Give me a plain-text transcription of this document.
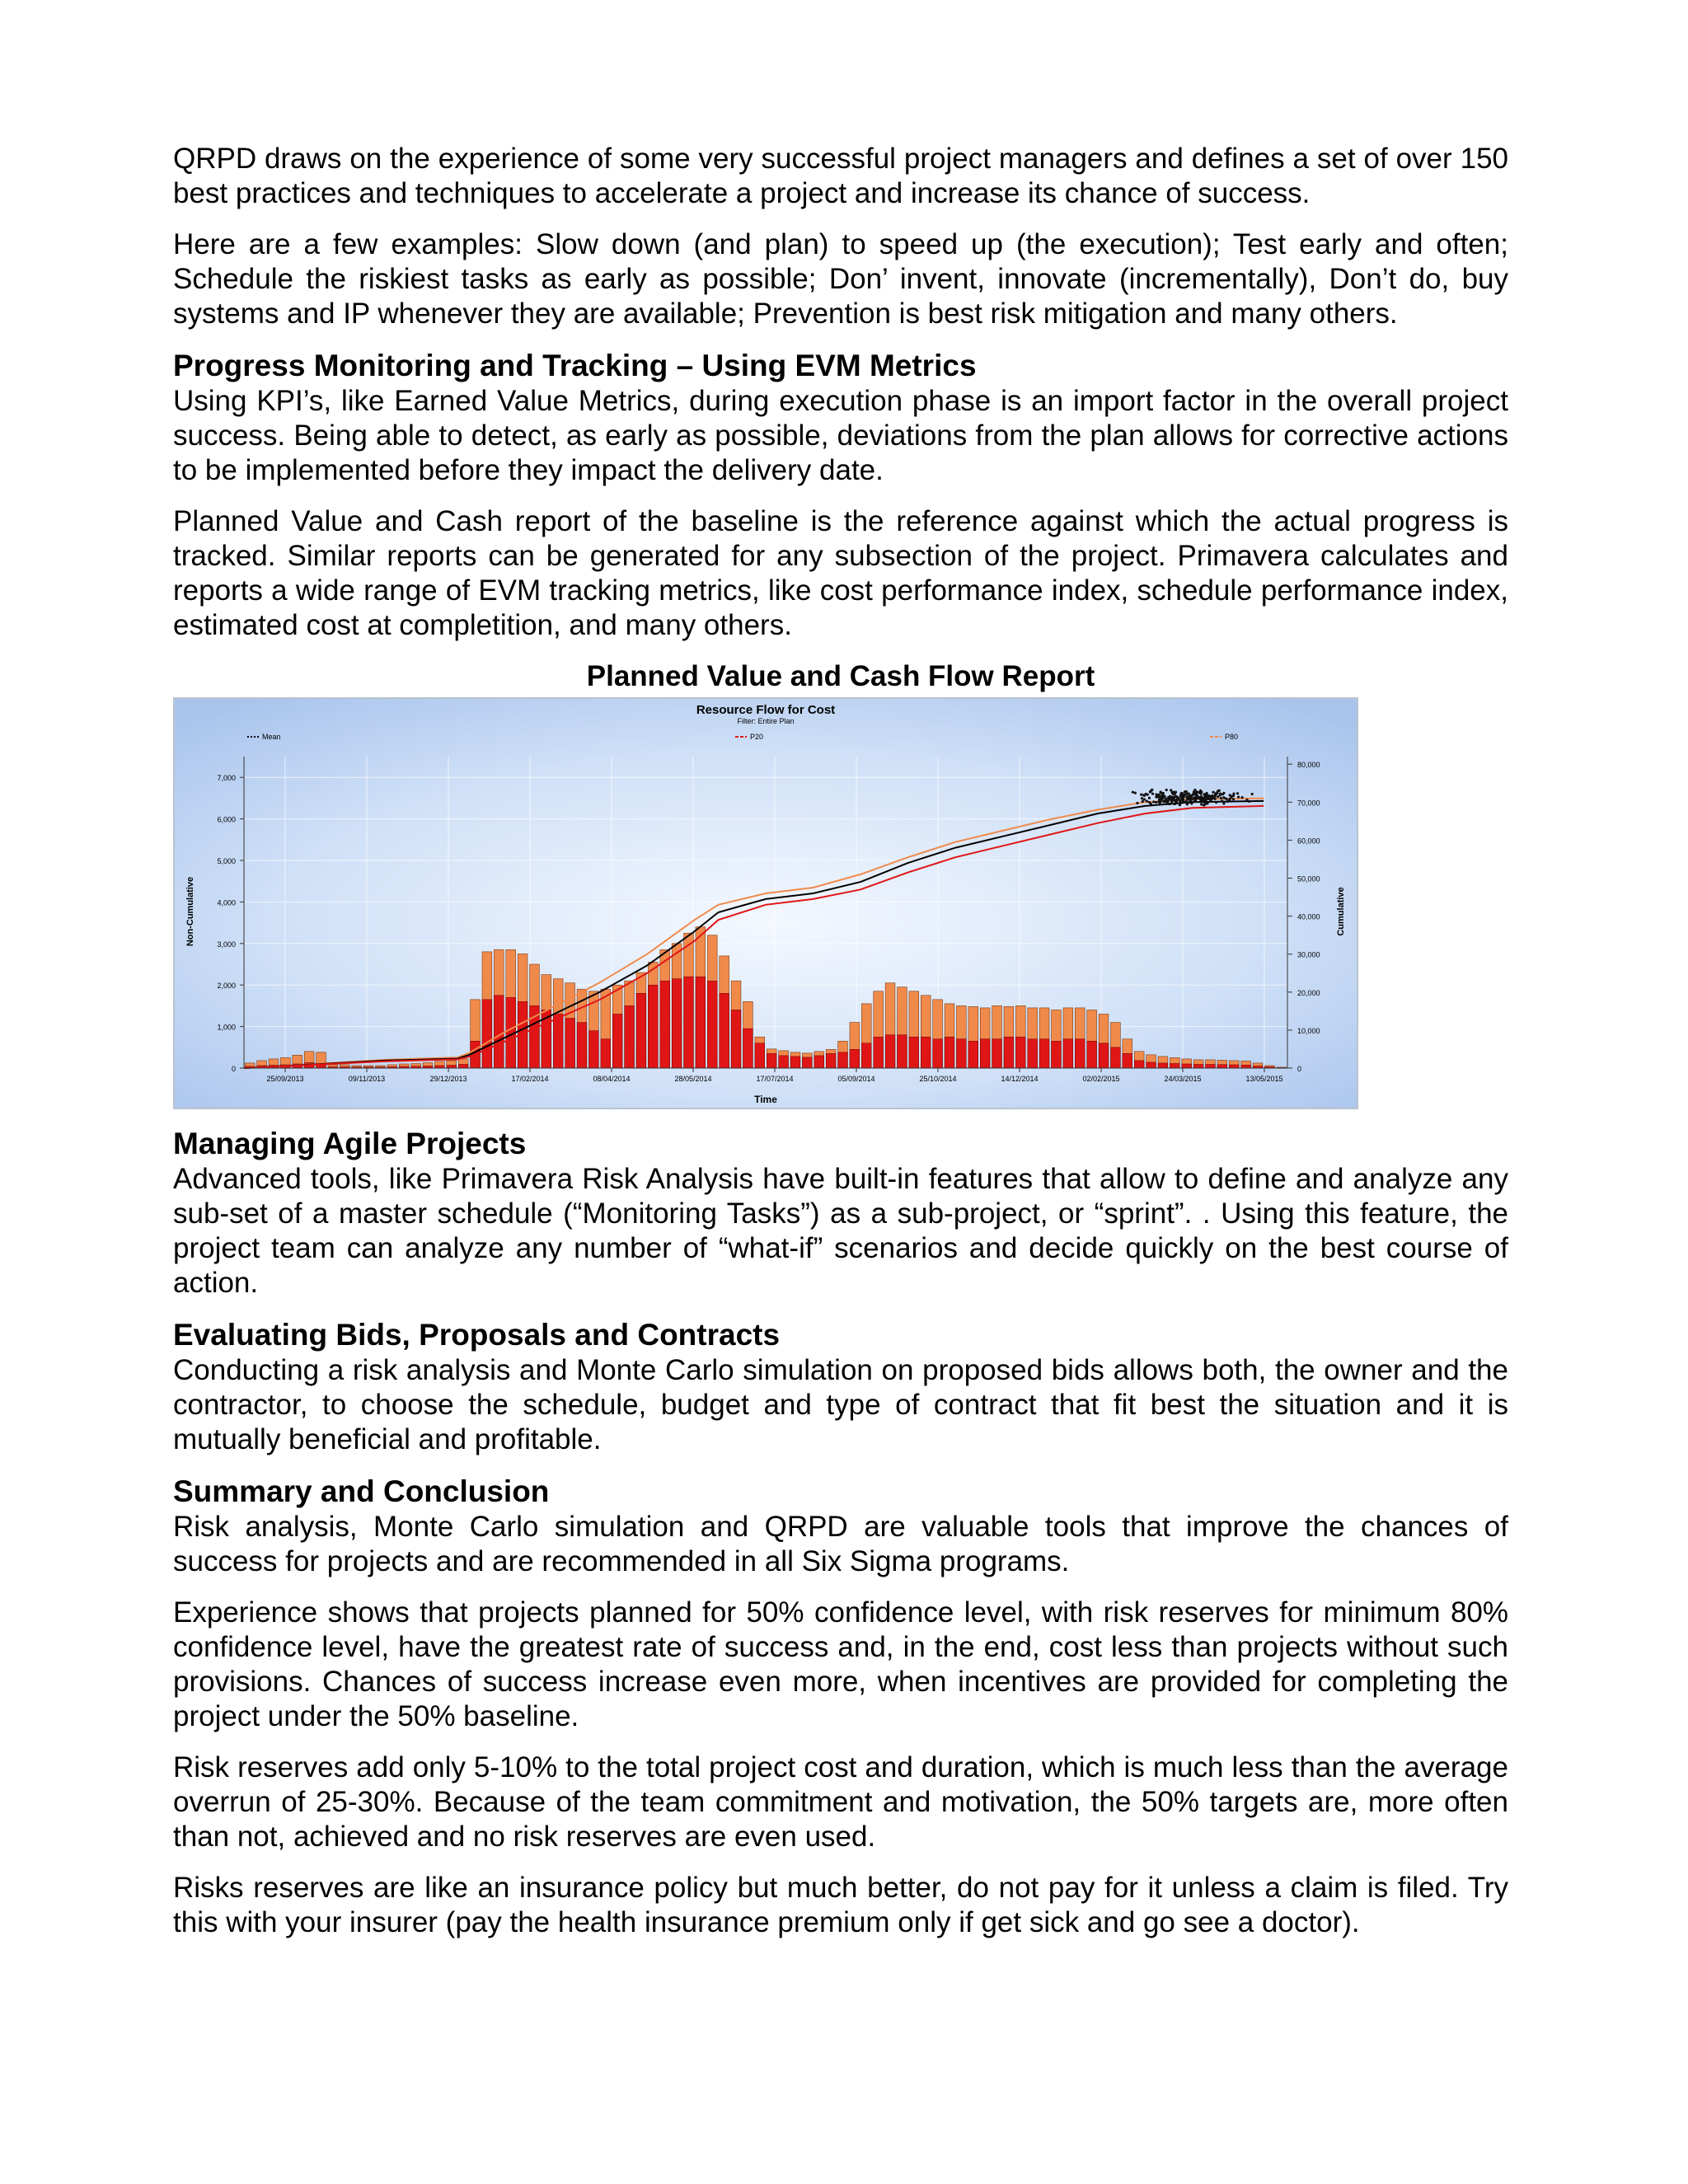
QRPD draws on the experience of some very successful project managers and defines a set of over 150 best practices and techniques to accelerate a project and increase its chance of success.

Here are a few examples: Slow down (and plan) to speed up (the execution); Test early and often; Schedule the riskiest tasks as early as possible; Don’ invent, innovate (incrementally), Don’t do, buy systems and IP whenever they are available; Prevention is best risk mitigation and many others.

Progress Monitoring and Tracking – Using EVM Metrics

Using KPI’s, like Earned Value Metrics, during execution phase is an import factor in the overall project success. Being able to detect, as early as possible, deviations from the plan allows for corrective actions to be implemented before they impact the delivery date.

Planned Value and Cash report of the baseline is the reference against which the actual progress is tracked. Similar reports can be generated for any subsection of the project. Primavera calculates and reports a wide range of EVM tracking metrics, like cost performance index, schedule performance index, estimated cost at completition, and many others.

Planned Value and Cash Flow Report
0
1,000
2,000
3,000
4,000
5,000
6,000
7,000
0
10,000
20,000
30,000
40,000
50,000
60,000
70,000
80,000
25/09/2013	09/11/2013	29/12/2013	17/02/2014	08/04/2014	28/05/2014	17/07/2014	05/09/2014	25/10/2014	14/12/2014	02/02/2015	24/03/2015	13/05/2015
Resource Flow for Cost
Filter: Entire Plan
Mean	P20	P80
Non-Cumulative	Cumulative
Time
Managing Agile Projects

Advanced tools, like Primavera Risk Analysis have built-in features that allow to define and analyze any sub-set of a master schedule (“Monitoring Tasks”) as a sub-project, or “sprint”. . Using this feature, the project team can analyze any number of “what-if” scenarios and decide quickly on the best course of action.

Evaluating Bids, Proposals and Contracts

Conducting a risk analysis and Monte Carlo simulation on proposed bids allows both, the owner and the contractor, to choose the schedule, budget and type of contract that fit best the situation and it is mutually beneficial and profitable.

Summary and Conclusion

Risk analysis, Monte Carlo simulation and QRPD are valuable tools that improve the chances of success for projects and are recommended in all Six Sigma programs.

Experience shows that projects planned for 50% confidence level, with risk reserves for minimum 80% confidence level, have the greatest rate of success and, in the end, cost less than projects without such provisions. Chances of success increase even more, when incentives are provided for completing the project under the 50% baseline.

Risk reserves add only 5-10% to the total project cost and duration, which is much less than the average overrun of 25-30%. Because of the team commitment and motivation, the 50% targets are, more often than not, achieved and no risk reserves are even used.

Risks reserves are like an insurance policy but much better, do not pay for it unless a claim is filed. Try this with your insurer (pay the health insurance premium only if get sick and go see a doctor).
